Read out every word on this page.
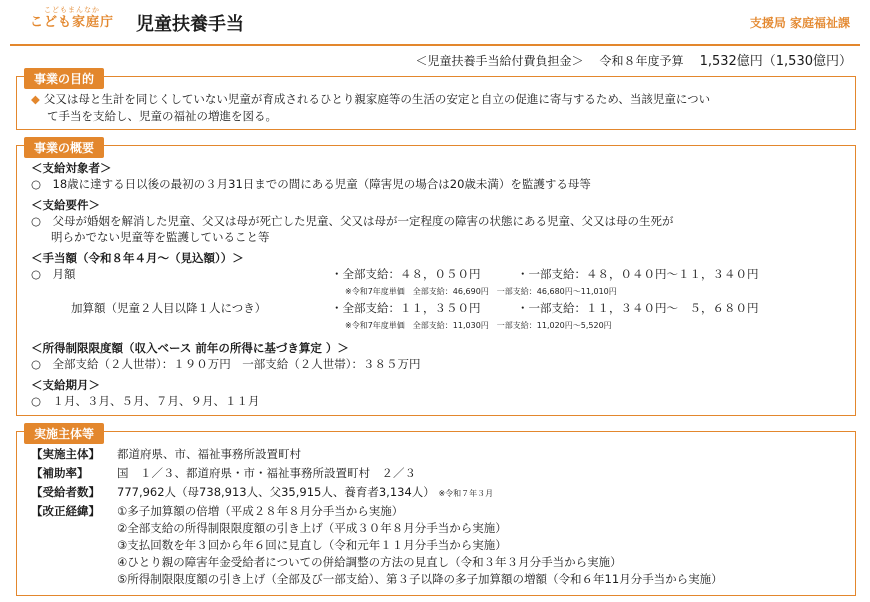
こどもまんなか
こども家庭庁	児童扶養手当	支援局 家庭福祉課
＜児童扶養手当給付費負担金＞ 令和８年度予算 1,532億円（1,530億円）
◆ 父又は母と生計を同じくしていない児童が育成されるひとり親家庭等の生活の安定と自立の促進に寄与するため、当該児童につい
て手当を支給し、児童の福祉の増進を図る。
事業の目的
＜支給対象者＞
○　18歳に達する日以後の最初の３月31日までの間にある児童（障害児の場合は20歳未満）を監護する母等
＜支給要件＞
○　父母が婚姻を解消した児童、父又は母が死亡した児童、父又は母が一定程度の障害の状態にある児童、父又は母の生死が
明らかでない児童等を監護していること等
＜手当額（令和８年４月～（見込額））＞
○　月額	・全部支給：４８，０５０円	・一部支給：４８，０４０円～１１，３４０円
※令和7年度単価　全部支給：46,690円　一部支給：46,680円～11,010円
加算額（児童２人目以降１人につき）	・全部支給：１１，３５０円	・一部支給：１１，３４０円～　５，６８０円
※令和7年度単価　全部支給：11,030円　一部支給：11,020円～5,520円
＜所得制限限度額（収入ベース 前年の所得に基づき算定 ）＞
○　全部支給（２人世帯）：１９０万円　一部支給（２人世帯）：３８５万円
＜支給期月＞
○　１月、３月、５月、７月、９月、１１月
事業の概要
【実施主体】 都道府県、市、福祉事務所設置町村
【補助率】 国　１／３、都道府県・市・福祉事務所設置町村　２／３
【受給者数】 777,962人（母738,913人、父35,915人、養育者3,134人） ※令和７年３月
【改正経緯】 ①多子加算額の倍増（平成２８年８月分手当から実施）
②全部支給の所得制限限度額の引き上げ（平成３０年８月分手当から実施）
③支払回数を年３回から年６回に見直し（令和元年１１月分手当から実施）
④ひとり親の障害年金受給者についての併給調整の方法の見直し（令和３年３月分手当から実施）
⑤所得制限限度額の引き上げ（全部及び一部支給）、第３子以降の多子加算額の増額（令和６年11月分手当から実施）
実施主体等
